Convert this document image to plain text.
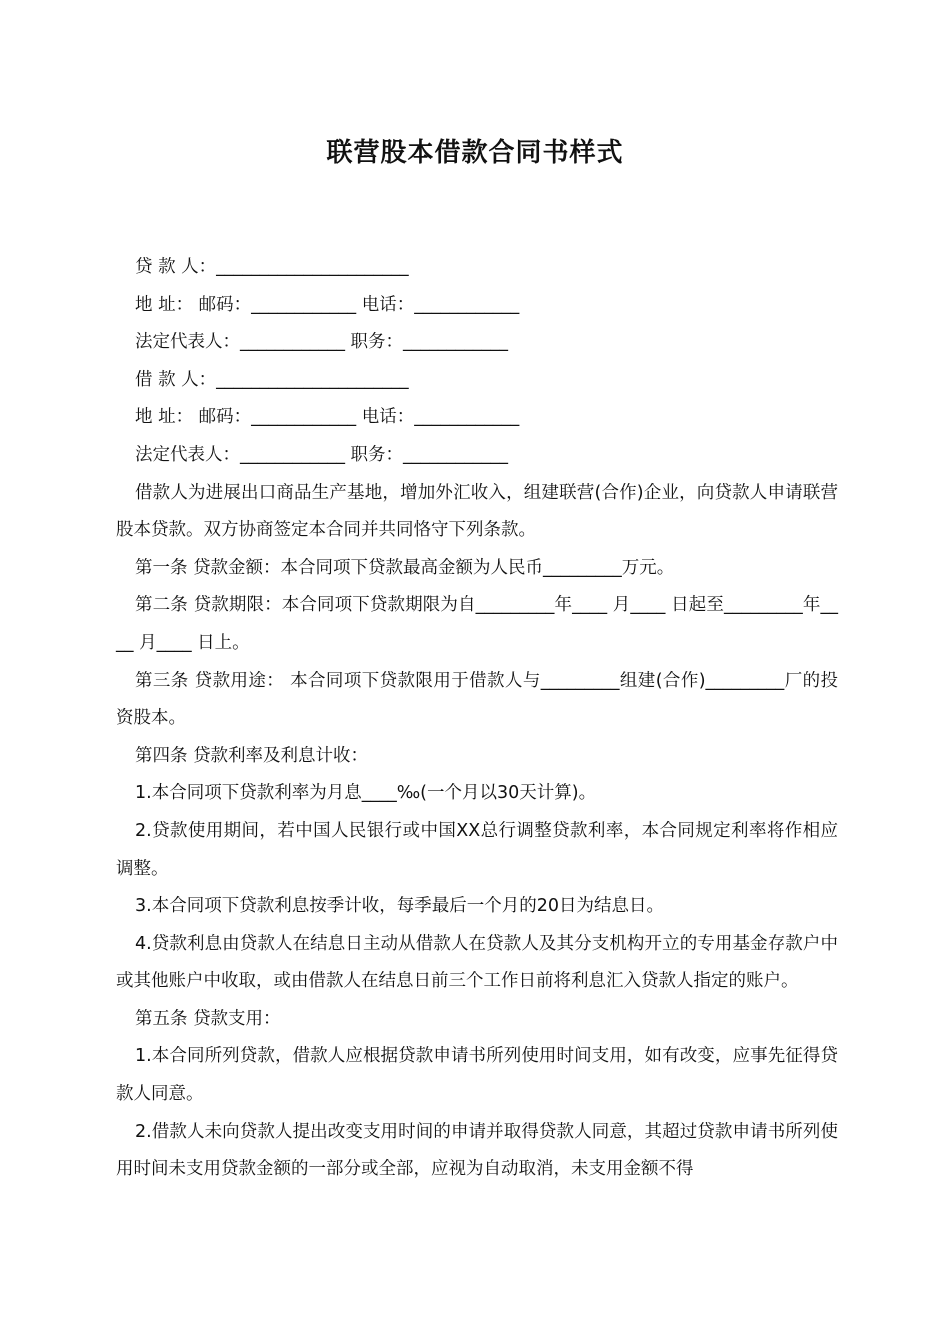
联营股本借款合同书样式
贷 款 人：______________________
地 址： 邮码：____________ 电话：____________
法定代表人：____________ 职务：____________
借 款 人：______________________
地 址： 邮码：____________ 电话：____________
法定代表人：____________ 职务：____________
借款人为进展出口商品生产基地，增加外汇收入，组建联营(合作)企业，向贷款人申请联营股本贷款。双方协商签定本合同并共同恪守下列条款。
第一条 贷款金额：本合同项下贷款最高金额为人民币_________万元。
第二条 贷款期限：本合同项下贷款期限为自_________年____ 月____ 日起至_________年____ 月____ 日上。
第三条 贷款用途： 本合同项下贷款限用于借款人与_________组建(合作)_________厂的投资股本。
第四条 贷款利率及利息计收：
1.本合同项下贷款利率为月息____‰(一个月以30天计算)。
2.贷款使用期间，若中国人民银行或中国XX总行调整贷款利率，本合同规定利率将作相应调整。
3.本合同项下贷款利息按季计收，每季最后一个月的20日为结息日。
4.贷款利息由贷款人在结息日主动从借款人在贷款人及其分支机构开立的专用基金存款户中或其他账户中收取，或由借款人在结息日前三个工作日前将利息汇入贷款人指定的账户。
第五条 贷款支用：
1.本合同所列贷款，借款人应根据贷款申请书所列使用时间支用，如有改变，应事先征得贷款人同意。
2.借款人未向贷款人提出改变支用时间的申请并取得贷款人同意，其超过贷款申请书所列使用时间未支用贷款金额的一部分或全部，应视为自动取消，未支用金额不得
